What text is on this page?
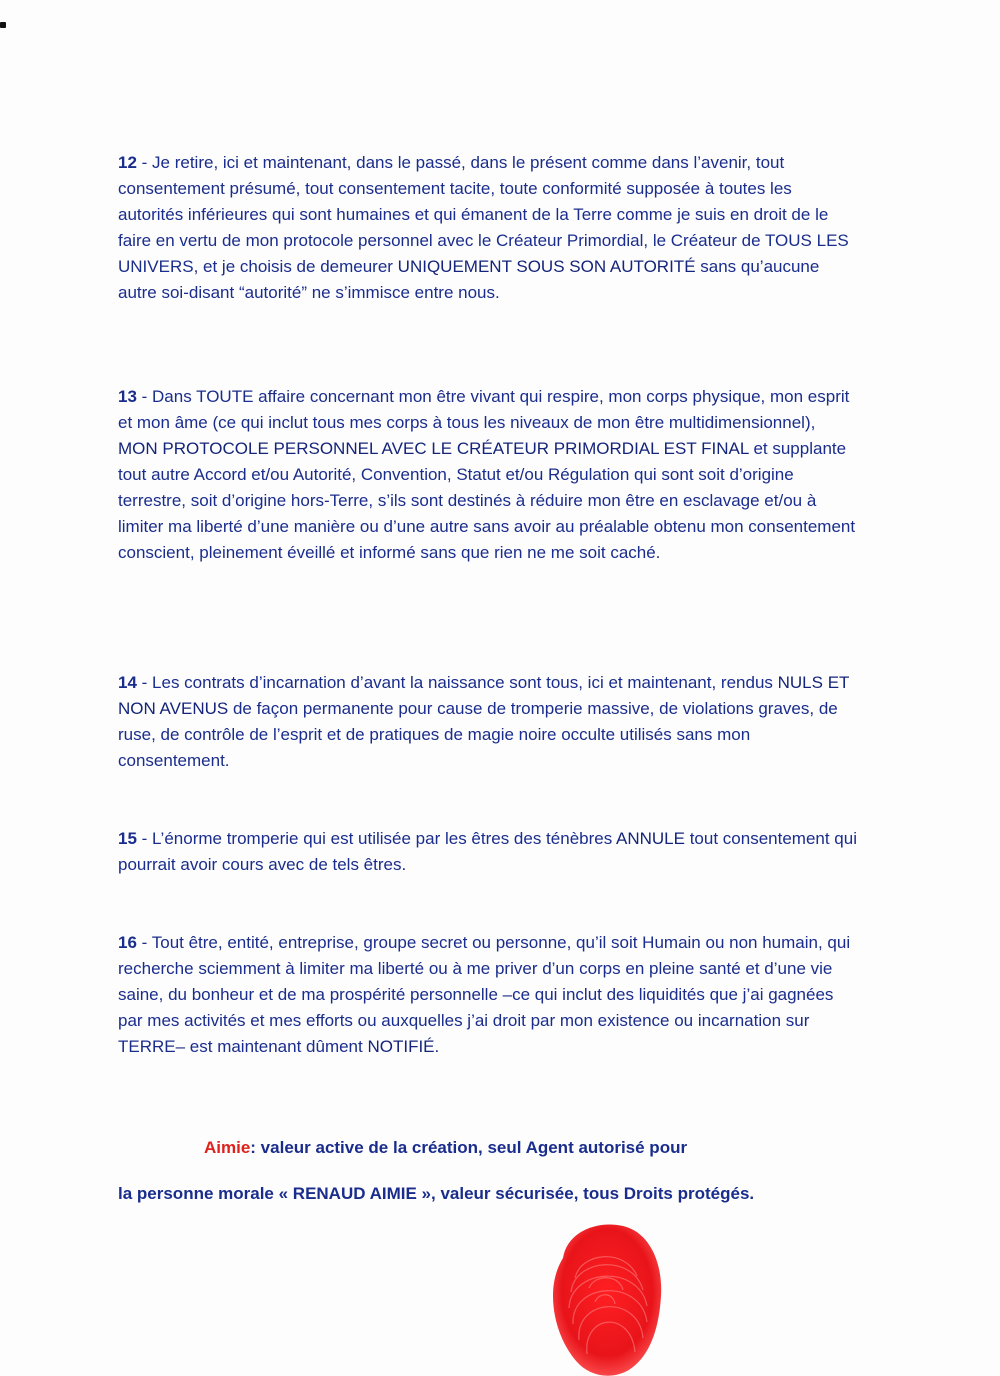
12 - Je retire, ici et maintenant, dans le passé, dans le présent comme dans l’avenir, tout consentement présumé, tout consentement tacite, toute conformité supposée à toutes les autorités inférieures qui sont humaines et qui émanent de la Terre comme je suis en droit de le faire en vertu de mon protocole personnel avec le Créateur Primordial, le Créateur de TOUS LES UNIVERS, et je choisis de demeurer UNIQUEMENT SOUS SON AUTORITÉ sans qu’aucune autre soi-disant “autorité” ne s’immisce entre nous.

13 - Dans TOUTE affaire concernant mon être vivant qui respire, mon corps physique, mon esprit et mon âme (ce qui inclut tous mes corps à tous les niveaux de mon être multidimensionnel), MON PROTOCOLE PERSONNEL AVEC LE CRÉATEUR PRIMORDIAL EST FINAL et supplante tout autre Accord et/ou Autorité, Convention, Statut et/ou Régulation qui sont soit d’origine terrestre, soit d’origine hors-Terre, s’ils sont destinés à réduire mon être en esclavage et/ou à limiter ma liberté d’une manière ou d’une autre sans avoir au préalable obtenu mon consentement conscient, pleinement éveillé et informé sans que rien ne me soit caché.

14 - Les contrats d’incarnation d’avant la naissance sont tous, ici et maintenant, rendus NULS ET NON AVENUS de façon permanente pour cause de tromperie massive, de violations graves, de ruse, de contrôle de l’esprit et de pratiques de magie noire occulte utilisés sans mon consentement.

15 - L’énorme tromperie qui est utilisée par les êtres des ténèbres ANNULE tout consentement qui pourrait avoir cours avec de tels êtres.

16 - Tout être, entité, entreprise, groupe secret ou personne, qu’il soit Humain ou non humain, qui recherche sciemment à limiter ma liberté ou à me priver d’un corps en pleine santé et d’une vie saine, du bonheur et de ma prospérité personnelle –ce qui inclut des liquidités que j’ai gagnées par mes activités et mes efforts ou auxquelles j’ai droit par mon existence ou incarnation sur TERRE– est maintenant dûment NOTIFIÉ.

Aimie: valeur active de la création, seul Agent autorisé pour
la personne morale « RENAUD AIMIE », valeur sécurisée, tous Droits protégés.
